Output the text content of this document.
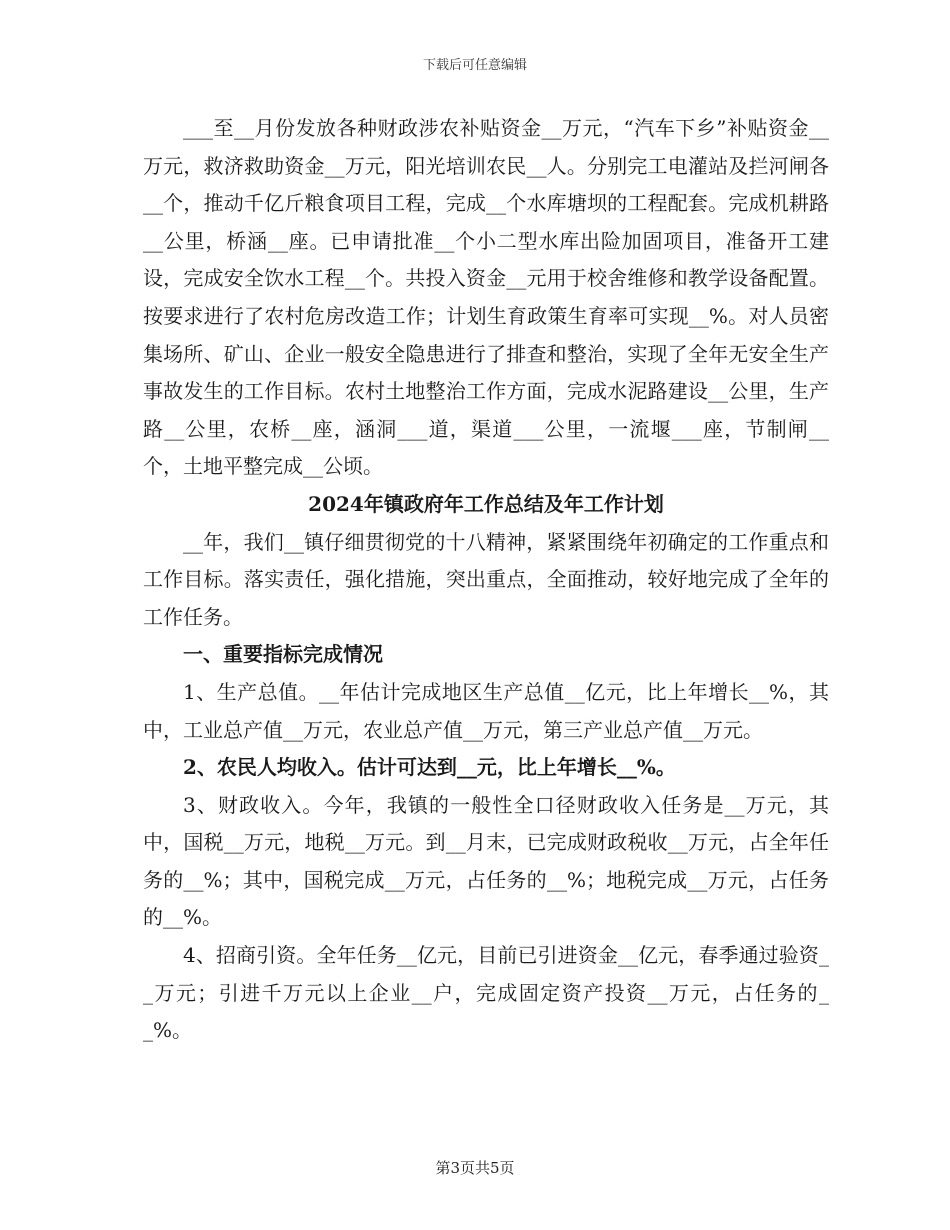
下载后可任意编辑

___至__月份发放各种财政涉农补贴资金__万元，“汽车下乡”补贴资金__万元，救济救助资金__万元，阳光培训农民__人。分别完工电灌站及拦河闸各__个，推动千亿斤粮食项目工程，完成__个水库塘坝的工程配套。完成机耕路__公里，桥涵__座。已申请批准__个小二型水库出险加固项目，准备开工建设，完成安全饮水工程__个。共投入资金__元用于校舍维修和教学设备配置。按要求进行了农村危房改造工作；计划生育政策生育率可实现__%。对人员密集场所、矿山、企业一般安全隐患进行了排查和整治，实现了全年无安全生产事故发生的工作目标。农村土地整治工作方面，完成水泥路建设__公里，生产路__公里，农桥__座，涵洞___道，渠道___公里，一流堰___座，节制闸__个，土地平整完成__公顷。

2024年镇政府年工作总结及年工作计划

__年，我们__镇仔细贯彻党的十八精神，紧紧围绕年初确定的工作重点和工作目标。落实责任，强化措施，突出重点，全面推动，较好地完成了全年的工作任务。

一、重要指标完成情况

1、生产总值。__年估计完成地区生产总值__亿元，比上年增长__%，其中，工业总产值__万元，农业总产值__万元，第三产业总产值__万元。

2、农民人均收入。估计可达到__元，比上年增长__%。

3、财政收入。今年，我镇的一般性全口径财政收入任务是__万元，其中，国税__万元，地税__万元。到__月末，已完成财政税收__万元，占全年任务的__%；其中，国税完成__万元，占任务的__%；地税完成__万元，占任务的__%。

4、招商引资。全年任务__亿元，目前已引进资金__亿元，春季通过验资__万元；引进千万元以上企业__户，完成固定资产投资__万元，占任务的__%。

第3页共5页
